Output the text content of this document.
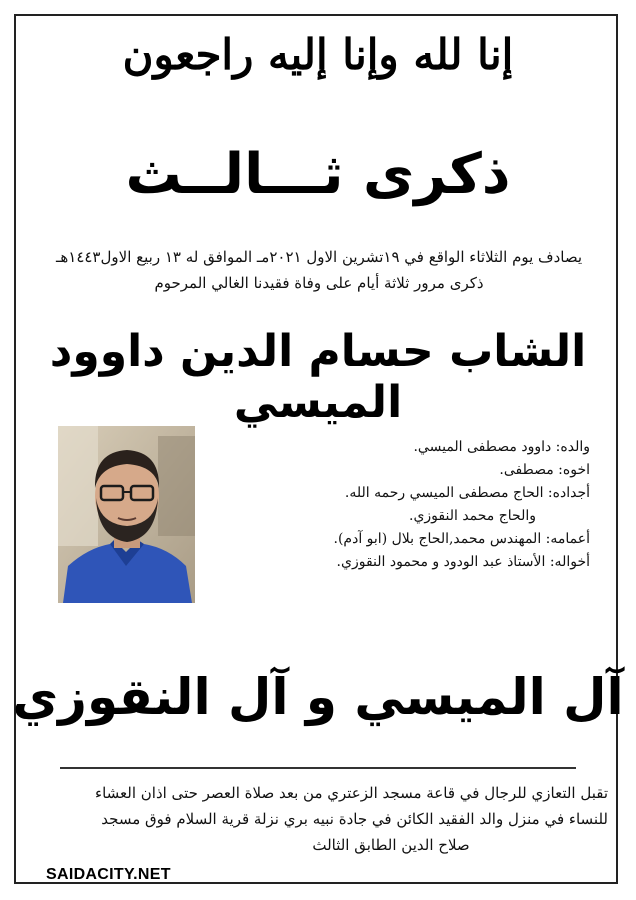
إنا لله وإنا إليه راجعون
ذكرى ثـــالــث
يصادف يوم الثلاثاء الواقع في ١٩تشرين الاول ٢٠٢١مـ الموافق له ١٣ ربيع الاول١٤٤٣هـ
ذكرى مرور ثلاثة أيام على وفاة فقيدنا الغالي المرحوم
الشاب حسام الدين داوود الميسي
والده: داوود مصطفى الميسي.
اخوه: مصطفى.
أجداده: الحاج مصطفى الميسي رحمه الله.
والحاج محمد النقوزي.
أعمامه: المهندس محمد,الحاج بلال (ابو آدم).
أخواله: الأستاذ عبد الودود و محمود النقوزي.
آل الميسي و آل النقوزي
تقبل التعازي للرجال في قاعة مسجد الزعتري من بعد صلاة العصر حتى اذان العشاء
للنساء في منزل والد الفقيد الكائن في جادة نبيه بري نزلة قرية السلام فوق مسجد
صلاح الدين الطابق الثالث
SAIDACITY.NET
